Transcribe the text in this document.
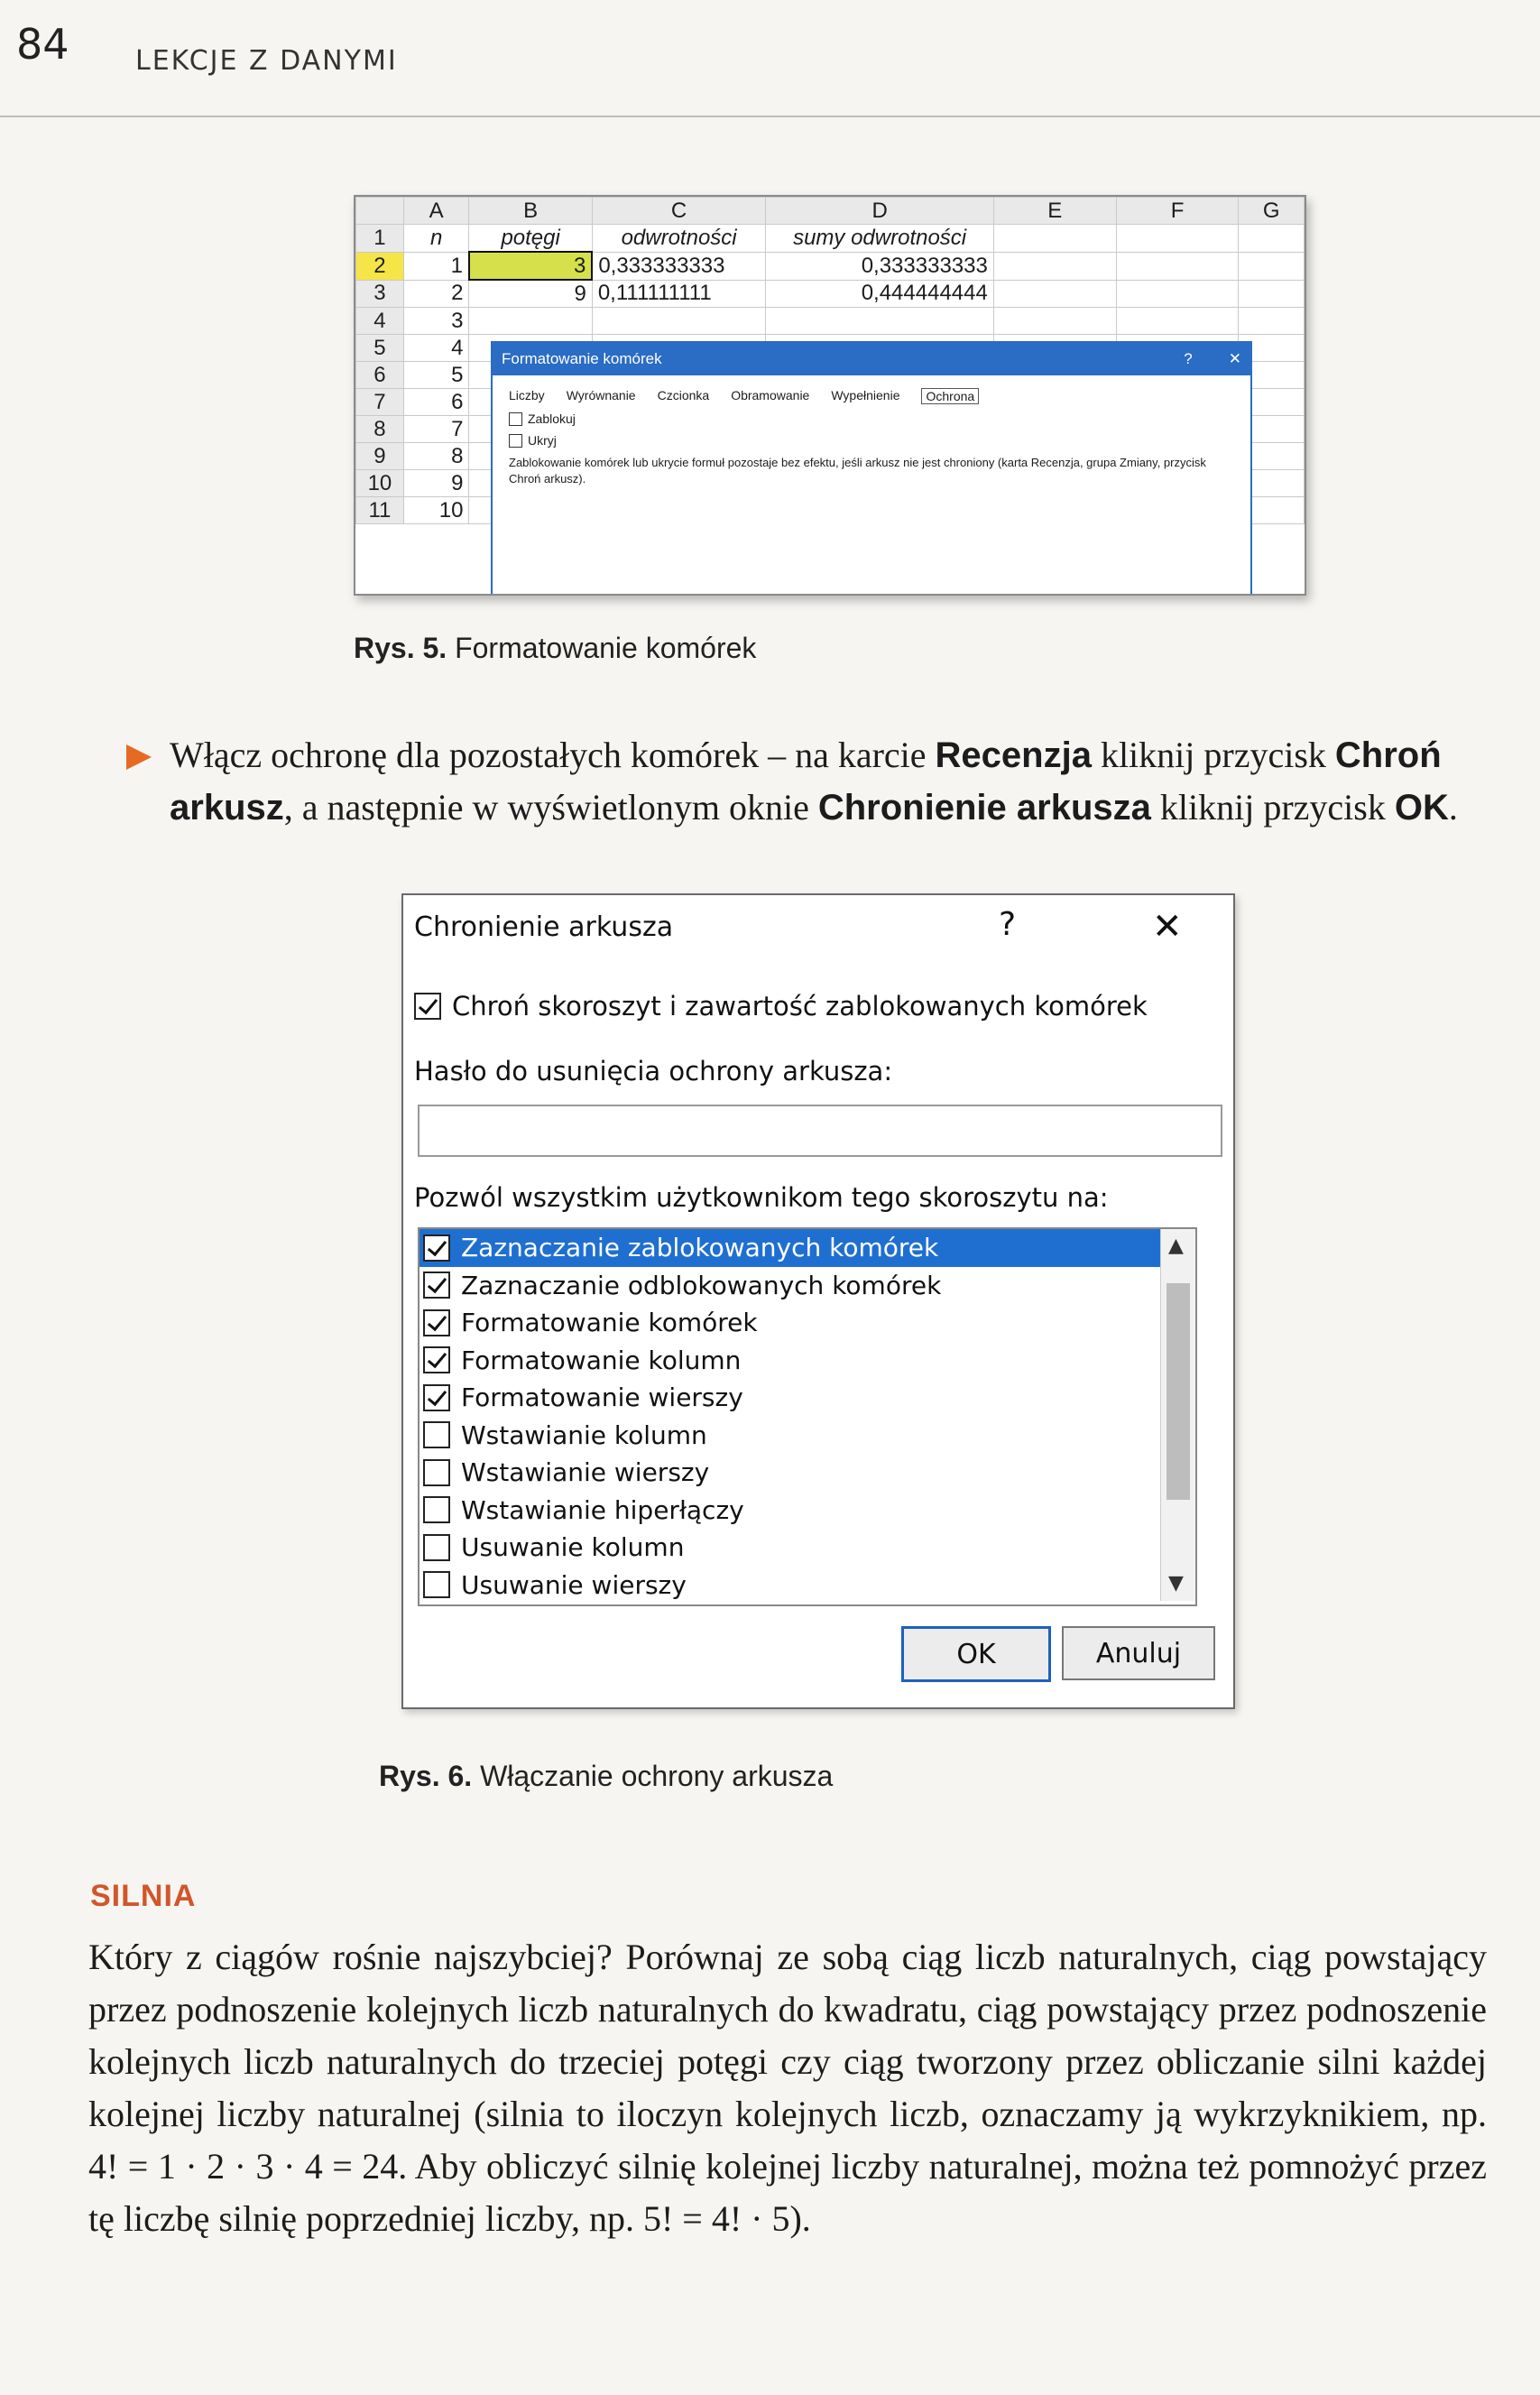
84 LEKCJE Z DANYMI
	A	B	C	D	E	F	G
1	n	potęgi	odwrotności	sumy odwrotności			
2	1	3	0,333333333	0,333333333			
3	2	9	0,111111111	0,444444444			
4	3						
5	4						
6	5						
7	6						
8	7						
9	8						
10	9						
11	10						
Formatowanie komórek	? ✕
Liczby Wyrównanie Czcionka Obramowanie Wypełnienie	Ochrona
Zablokuj
Ukryj
Zablokowanie komórek lub ukrycie formuł pozostaje bez efektu, jeśli arkusz nie jest chroniony (karta Recenzja, grupa Zmiany, przycisk Chroń arkusz).
Rys. 5. Formatowanie komórek
Włącz ochronę dla pozostałych komórek – na karcie Recenzja kliknij przycisk Chroń arkusz, a następnie w wyświetlonym oknie Chronienie arkusza kliknij przycisk OK.
Chronienie arkusza	?	✕
Chroń skoroszyt i zawartość zablokowanych komórek
Hasło do usunięcia ochrony arkusza:
Pozwól wszystkim użytkownikom tego skoroszytu na:
Zaznaczanie zablokowanych komórek
Zaznaczanie odblokowanych komórek
Formatowanie komórek
Formatowanie kolumn
Formatowanie wierszy
Wstawianie kolumn
Wstawianie wierszy
Wstawianie hiperłączy
Usuwanie kolumn
Usuwanie wierszy
▲
▼
OK	Anuluj
Rys. 6. Włączanie ochrony arkusza
SILNIA
Który z ciągów rośnie najszybciej? Porównaj ze sobą ciąg liczb naturalnych, ciąg powstający przez podnoszenie kolejnych liczb naturalnych do kwadratu, ciąg powstający przez podnoszenie kolejnych liczb naturalnych do trzeciej potęgi czy ciąg tworzony przez obliczanie silni każdej kolejnej liczby naturalnej (silnia to iloczyn kolejnych liczb, oznaczamy ją wykrzyknikiem, np. 4! = 1 · 2 · 3 · 4 = 24. Aby obliczyć silnię kolejnej liczby naturalnej, można też pomnożyć przez tę liczbę silnię poprzedniej liczby, np. 5! = 4! · 5).
